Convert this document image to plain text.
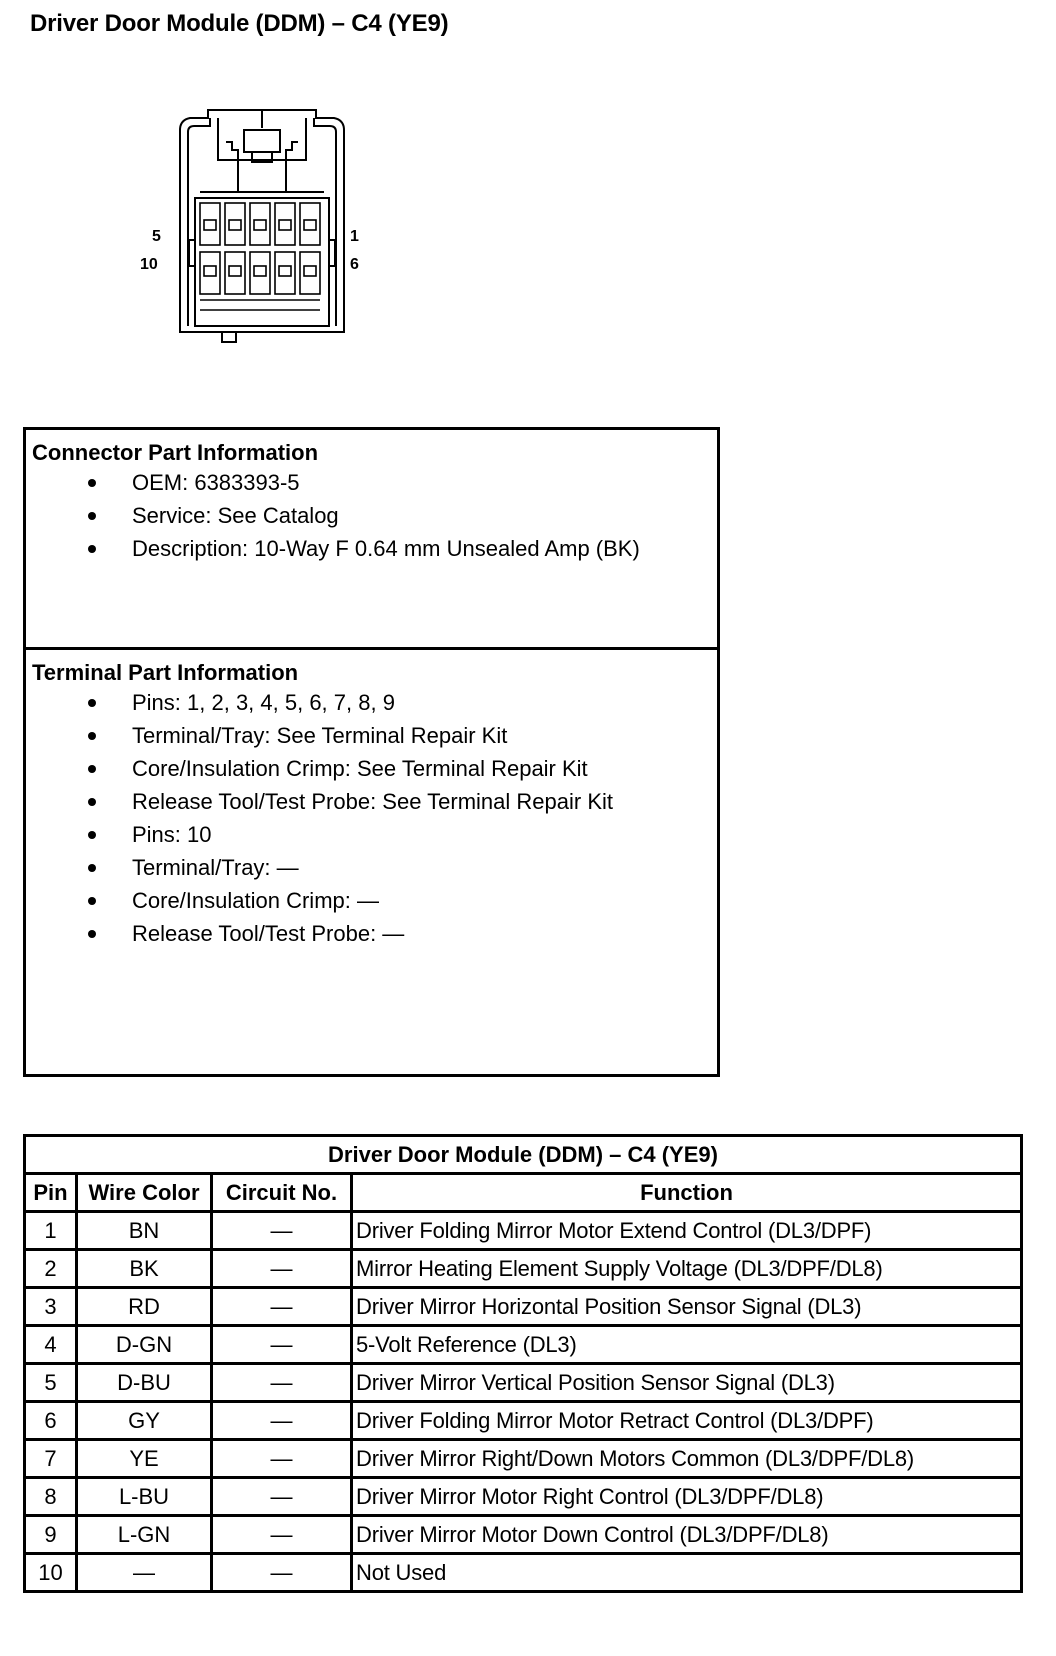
Driver Door Module (DDM) – C4 (YE9)
5
10
1
6
Connector Part Information
OEM: 6383393-5
Service: See Catalog
Description: 10-Way F 0.64 mm Unsealed Amp (BK)
Terminal Part Information
Pins: 1, 2, 3, 4, 5, 6, 7, 8, 9
Terminal/Tray: See Terminal Repair Kit
Core/Insulation Crimp: See Terminal Repair Kit
Release Tool/Test Probe: See Terminal Repair Kit
Pins: 10
Terminal/Tray: —
Core/Insulation Crimp: —
Release Tool/Test Probe: —
Driver Door Module (DDM) – C4 (YE9)			
Pin	Wire Color	Circuit No.	Function
1	BN	—	Driver Folding Mirror Motor Extend Control (DL3/DPF)
2	BK	—	Mirror Heating Element Supply Voltage (DL3/DPF/DL8)
3	RD	—	Driver Mirror Horizontal Position Sensor Signal (DL3)
4	D-GN	—	5-Volt Reference (DL3)
5	D-BU	—	Driver Mirror Vertical Position Sensor Signal (DL3)
6	GY	—	Driver Folding Mirror Motor Retract Control (DL3/DPF)
7	YE	—	Driver Mirror Right/Down Motors Common (DL3/DPF/DL8)
8	L-BU	—	Driver Mirror Motor Right Control (DL3/DPF/DL8)
9	L-GN	—	Driver Mirror Motor Down Control (DL3/DPF/DL8)
10	—	—	Not Used
